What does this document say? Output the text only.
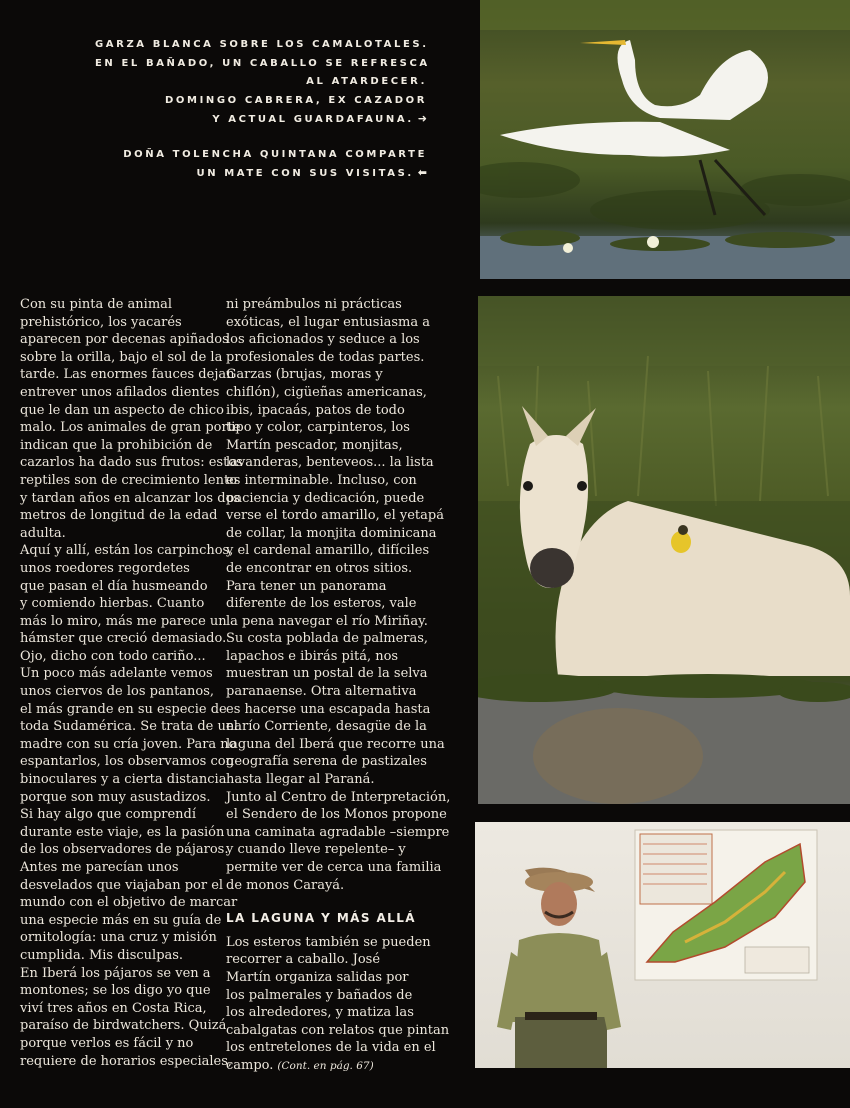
GARZA BLANCA SOBRE LOS CAMALOTALES.
EN EL BAÑADO, UN CABALLO SE REFRESCA
AL ATARDECER.
DOMINGO CABRERA, EX CAZADOR
Y ACTUAL GUARDAFAUNA. ➜
DOÑA TOLENCHA QUINTANA COMPARTE
UN MATE CON SUS VISITAS. ⬅

Con su pinta de animal

prehistórico, los yacarés

aparecen por decenas apiñados

sobre la orilla, bajo el sol de la

tarde. Las enormes fauces dejan

entrever unos afilados dientes

que le dan un aspecto de chico

malo. Los animales de gran porte

indican que la prohibición de

cazarlos ha dado sus frutos: estos

reptiles son de crecimiento lento

y tardan años en alcanzar los dos

metros de longitud de la edad

adulta.

Aquí y allí, están los carpinchos,

unos roedores regordetes

que pasan el día husmeando

y comiendo hierbas. Cuanto

más lo miro, más me parece un

hámster que creció demasiado.

Ojo, dicho con todo cariño...

Un poco más adelante vemos

unos ciervos de los pantanos,

el más grande en su especie de

toda Sudamérica. Se trata de una

madre con su cría joven. Para no

espantarlos, los observamos con

binoculares y a cierta distancia

porque son muy asustadizos.

Si hay algo que comprendí

durante este viaje, es la pasión

de los observadores de pájaros.

Antes me parecían unos

desvelados que viajaban por el

mundo con el objetivo de marcar

una especie más en su guía de

ornitología: una cruz y misión

cumplida. Mis disculpas.

En Iberá los pájaros se ven a

montones; se los digo yo que

viví tres años en Costa Rica,

paraíso de birdwatchers. Quizá

porque verlos es fácil y no

requiere de horarios especiales,

ni preámbulos ni prácticas

exóticas, el lugar entusiasma a

los aficionados y seduce a los

profesionales de todas partes.

Garzas (brujas, moras y

chiflón), cigüeñas americanas,

ibis, ipacaás, patos de todo

tipo y color, carpinteros, los

Martín pescador, monjitas,

lavanderas, benteveos... la lista

es interminable. Incluso, con

paciencia y dedicación, puede

verse el tordo amarillo, el yetapá

de collar, la monjita dominicana

y el cardenal amarillo, difíciles

de encontrar en otros sitios.

Para tener un panorama

diferente de los esteros, vale

la pena navegar el río Miriñay.

Su costa poblada de palmeras,

lapachos e ibirás pitá, nos

muestran un postal de la selva

paranaense. Otra alternativa

es hacerse una escapada hasta

el río Corriente, desagüe de la

laguna del Iberá que recorre una

geografía serena de pastizales

hasta llegar al Paraná.

Junto al Centro de Interpretación,

el Sendero de los Monos propone

una caminata agradable –siempre

y cuando lleve repelente– y

permite ver de cerca una familia

de monos Carayá.

LA LAGUNA Y MÁS ALLÁ

Los esteros también se pueden

recorrer a caballo. José

Martín organiza salidas por

los palmerales y bañados de

los alrededores, y matiza las

cabalgatas con relatos que pintan

los entretelones de la vida en el

campo. (Cont. en pág. 67)
